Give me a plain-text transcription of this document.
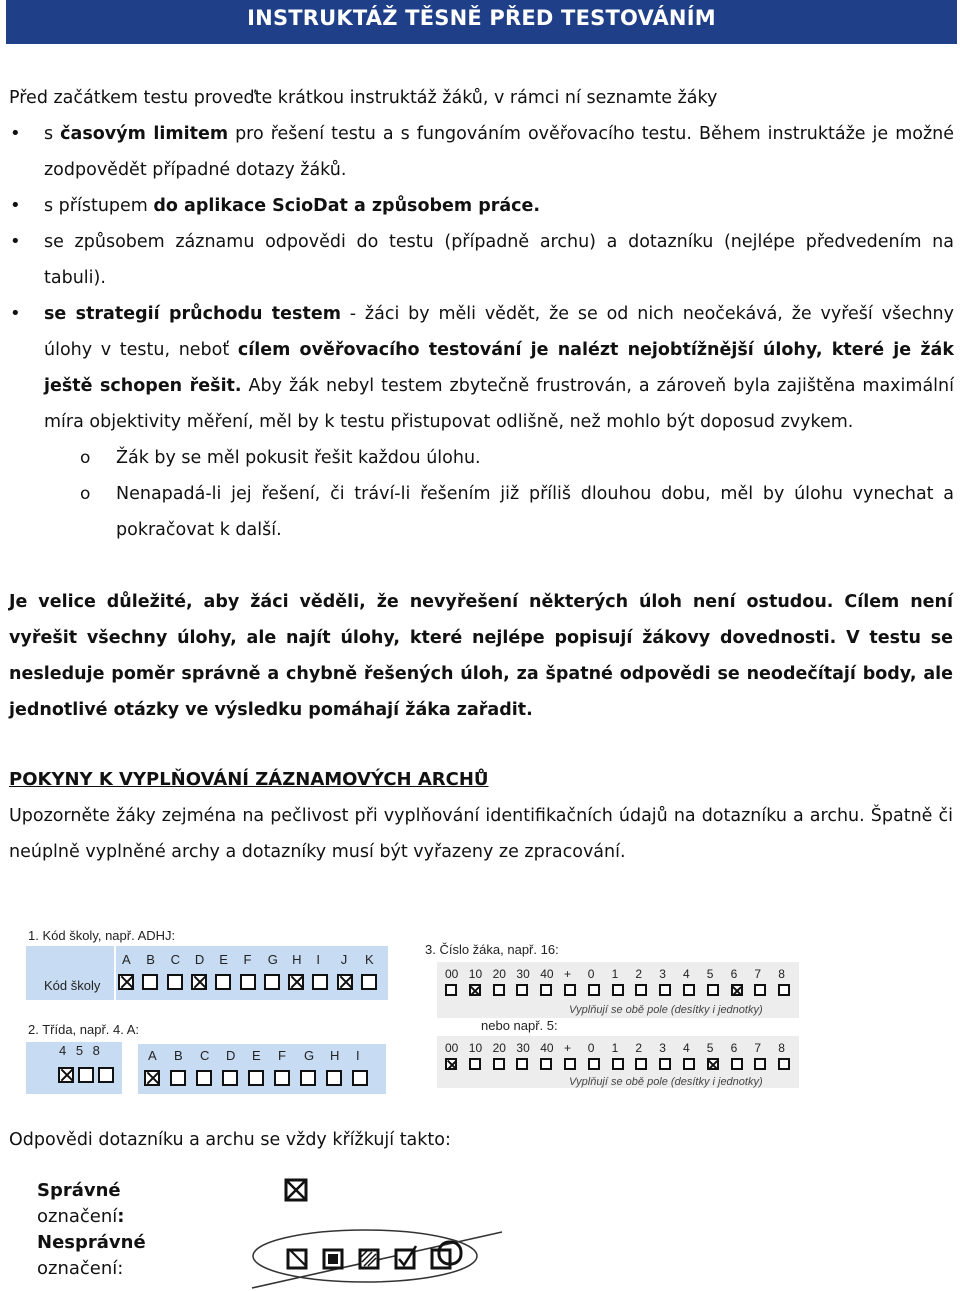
INSTRUKTÁŽ TĚSNĚ PŘED TESTOVÁNÍM
Před začátkem testu proveďte krátkou instruktáž žáků, v rámci ní seznamte žáky
• s časovým limitem pro řešení testu a s fungováním ověřovacího testu. Během instruktáže je možné zodpovědět případné dotazy žáků.
• s přístupem do aplikace ScioDat a způsobem práce.
• se způsobem záznamu odpovědi do testu (případně archu) a dotazníku (nejlépe předvedením na tabuli).
• se strategií průchodu testem - žáci by měli vědět, že se od nich neočekává, že vyřeší všechny úlohy v testu, neboť cílem ověřovacího testování je nalézt nejobtížnější úlohy, které je žák ještě schopen řešit. Aby žák nebyl testem zbytečně frustrován, a zároveň byla zajištěna maximální míra objektivity měření, měl by k testu přistupovat odlišně, než mohlo být doposud zvykem.
o Žák by se měl pokusit řešit každou úlohu.
o Nenapadá-li jej řešení, či tráví-li řešením již příliš dlouhou dobu, měl by úlohu vynechat a pokračovat k další.
Je velice důležité, aby žáci věděli, že nevyřešení některých úloh není ostudou. Cílem není vyřešit všechny úlohy, ale najít úlohy, které nejlépe popisují žákovy dovednosti. V testu se nesleduje poměr správně a chybně řešených úloh, za špatné odpovědi se neodečítají body, ale jednotlivé otázky ve výsledku pomáhají žáka zařadit.
POKYNY K VYPLŇOVÁNÍ ZÁZNAMOVÝCH ARCHŮ
Upozorněte žáky zejména na pečlivost při vyplňování identifikačních údajů na dotazníku a archu. Špatně či neúplně vyplněné archy a dotazníky musí být vyřazeny ze zpracování.
1. Kód školy, např. ADHJ:
Kód školy
A B C D E F G H I J K
2. Třída, např. 4. A:
4 5 8	A B C D E F G H I
3. Číslo žáka, např. 16:
00 10 20 30 40 + 0 1 2 3 4 5 6 7 8
Vyplňují se obě pole (desítky i jednotky)
nebo např. 5:
00 10 20 30 40 + 0 1 2 3 4 5 6 7 8
Vyplňují se obě pole (desítky i jednotky)
Odpovědi dotazníku a archu se vždy křížkují takto:
Správné
označení:
Nesprávné
označení:
